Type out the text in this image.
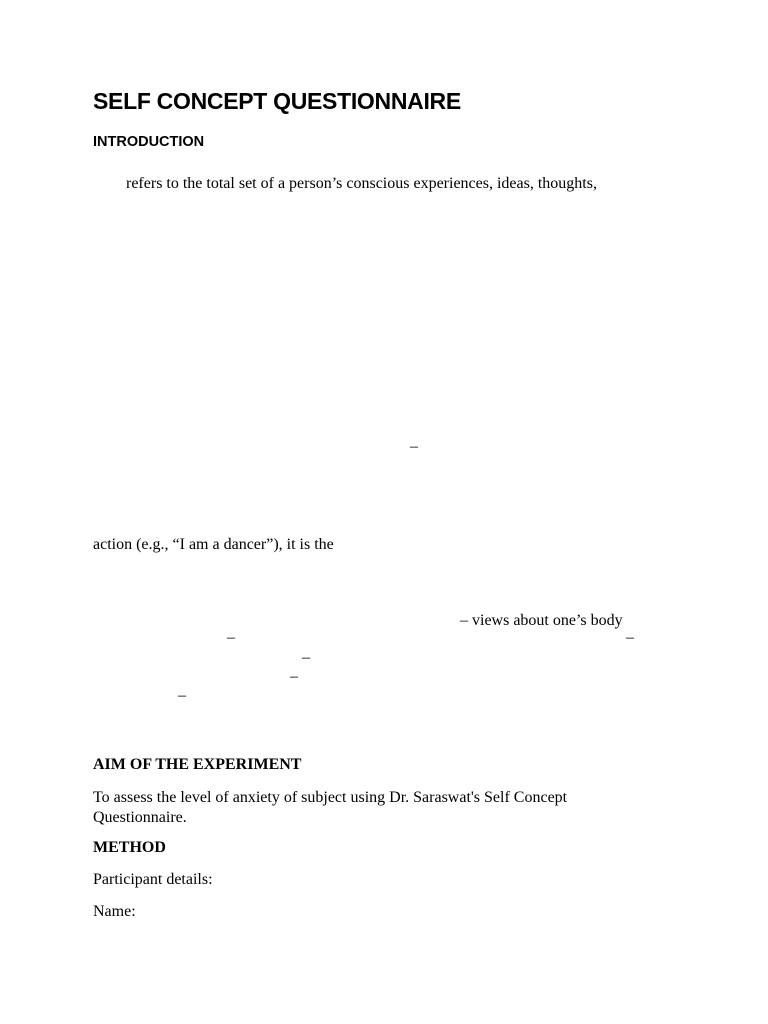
SELF CONCEPT QUESTIONNAIRE
INTRODUCTION
refers to the total set of a person’s conscious experiences, ideas, thoughts,
–
action (e.g., “I am a dancer”), it is the
– views about one’s body
–	–
–
–
–
AIM OF THE EXPERIMENT
To assess the level of anxiety of subject using Dr. Saraswat's Self Concept Questionnaire.
METHOD
Participant details:
Name:
